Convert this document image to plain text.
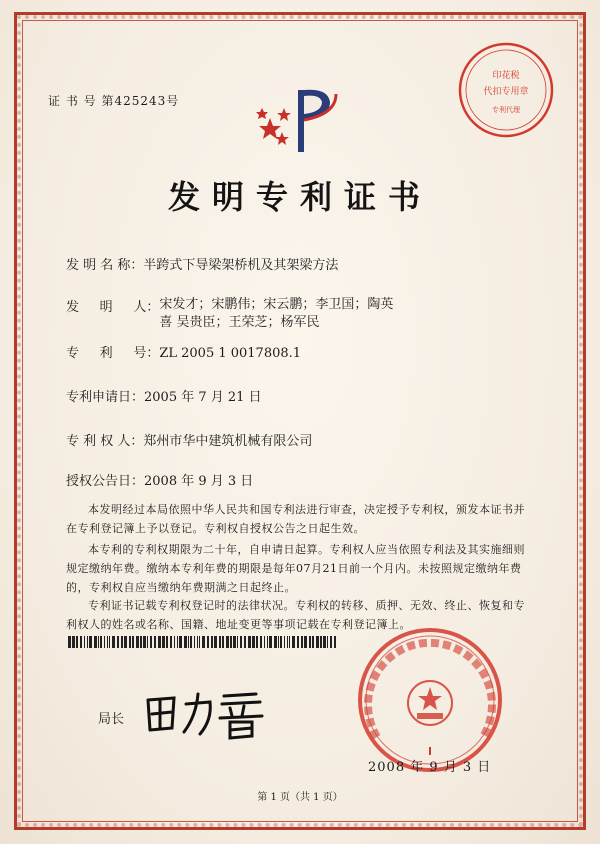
证 书 号 第425243号
印花税
代扣专用章
专利代理
发明专利证书
发 明 名 称：半跨式下导梁架桥机及其架梁方法
发     明     人：宋发才；宋鹏伟；宋云鹏；李卫国；陶英喜 吴贵臣；王荣芝；杨军民
专     利     号：ZL 2005 1 0017808.1
专利申请日：2005 年 7 月 21 日
专 利 权 人：郑州市华中建筑机械有限公司
授权公告日：2008 年 9 月 3 日
本发明经过本局依照中华人民共和国专利法进行审查，决定授予专利权，颁发本证书并在专利登记簿上予以登记。专利权自授权公告之日起生效。
本专利的专利权期限为二十年，自申请日起算。专利权人应当依照专利法及其实施细则规定缴纳年费。缴纳本专利年费的期限是每年07月21日前一个月内。未按照规定缴纳年费的，专利权自应当缴纳年费期满之日起终止。
专利证书记载专利权登记时的法律状况。专利权的转移、质押、无效、终止、恢复和专利权人的姓名或名称、国籍、地址变更等事项记载在专利登记簿上。
局长
2008 年 9 月 3 日
第 1 页（共 1 页）
